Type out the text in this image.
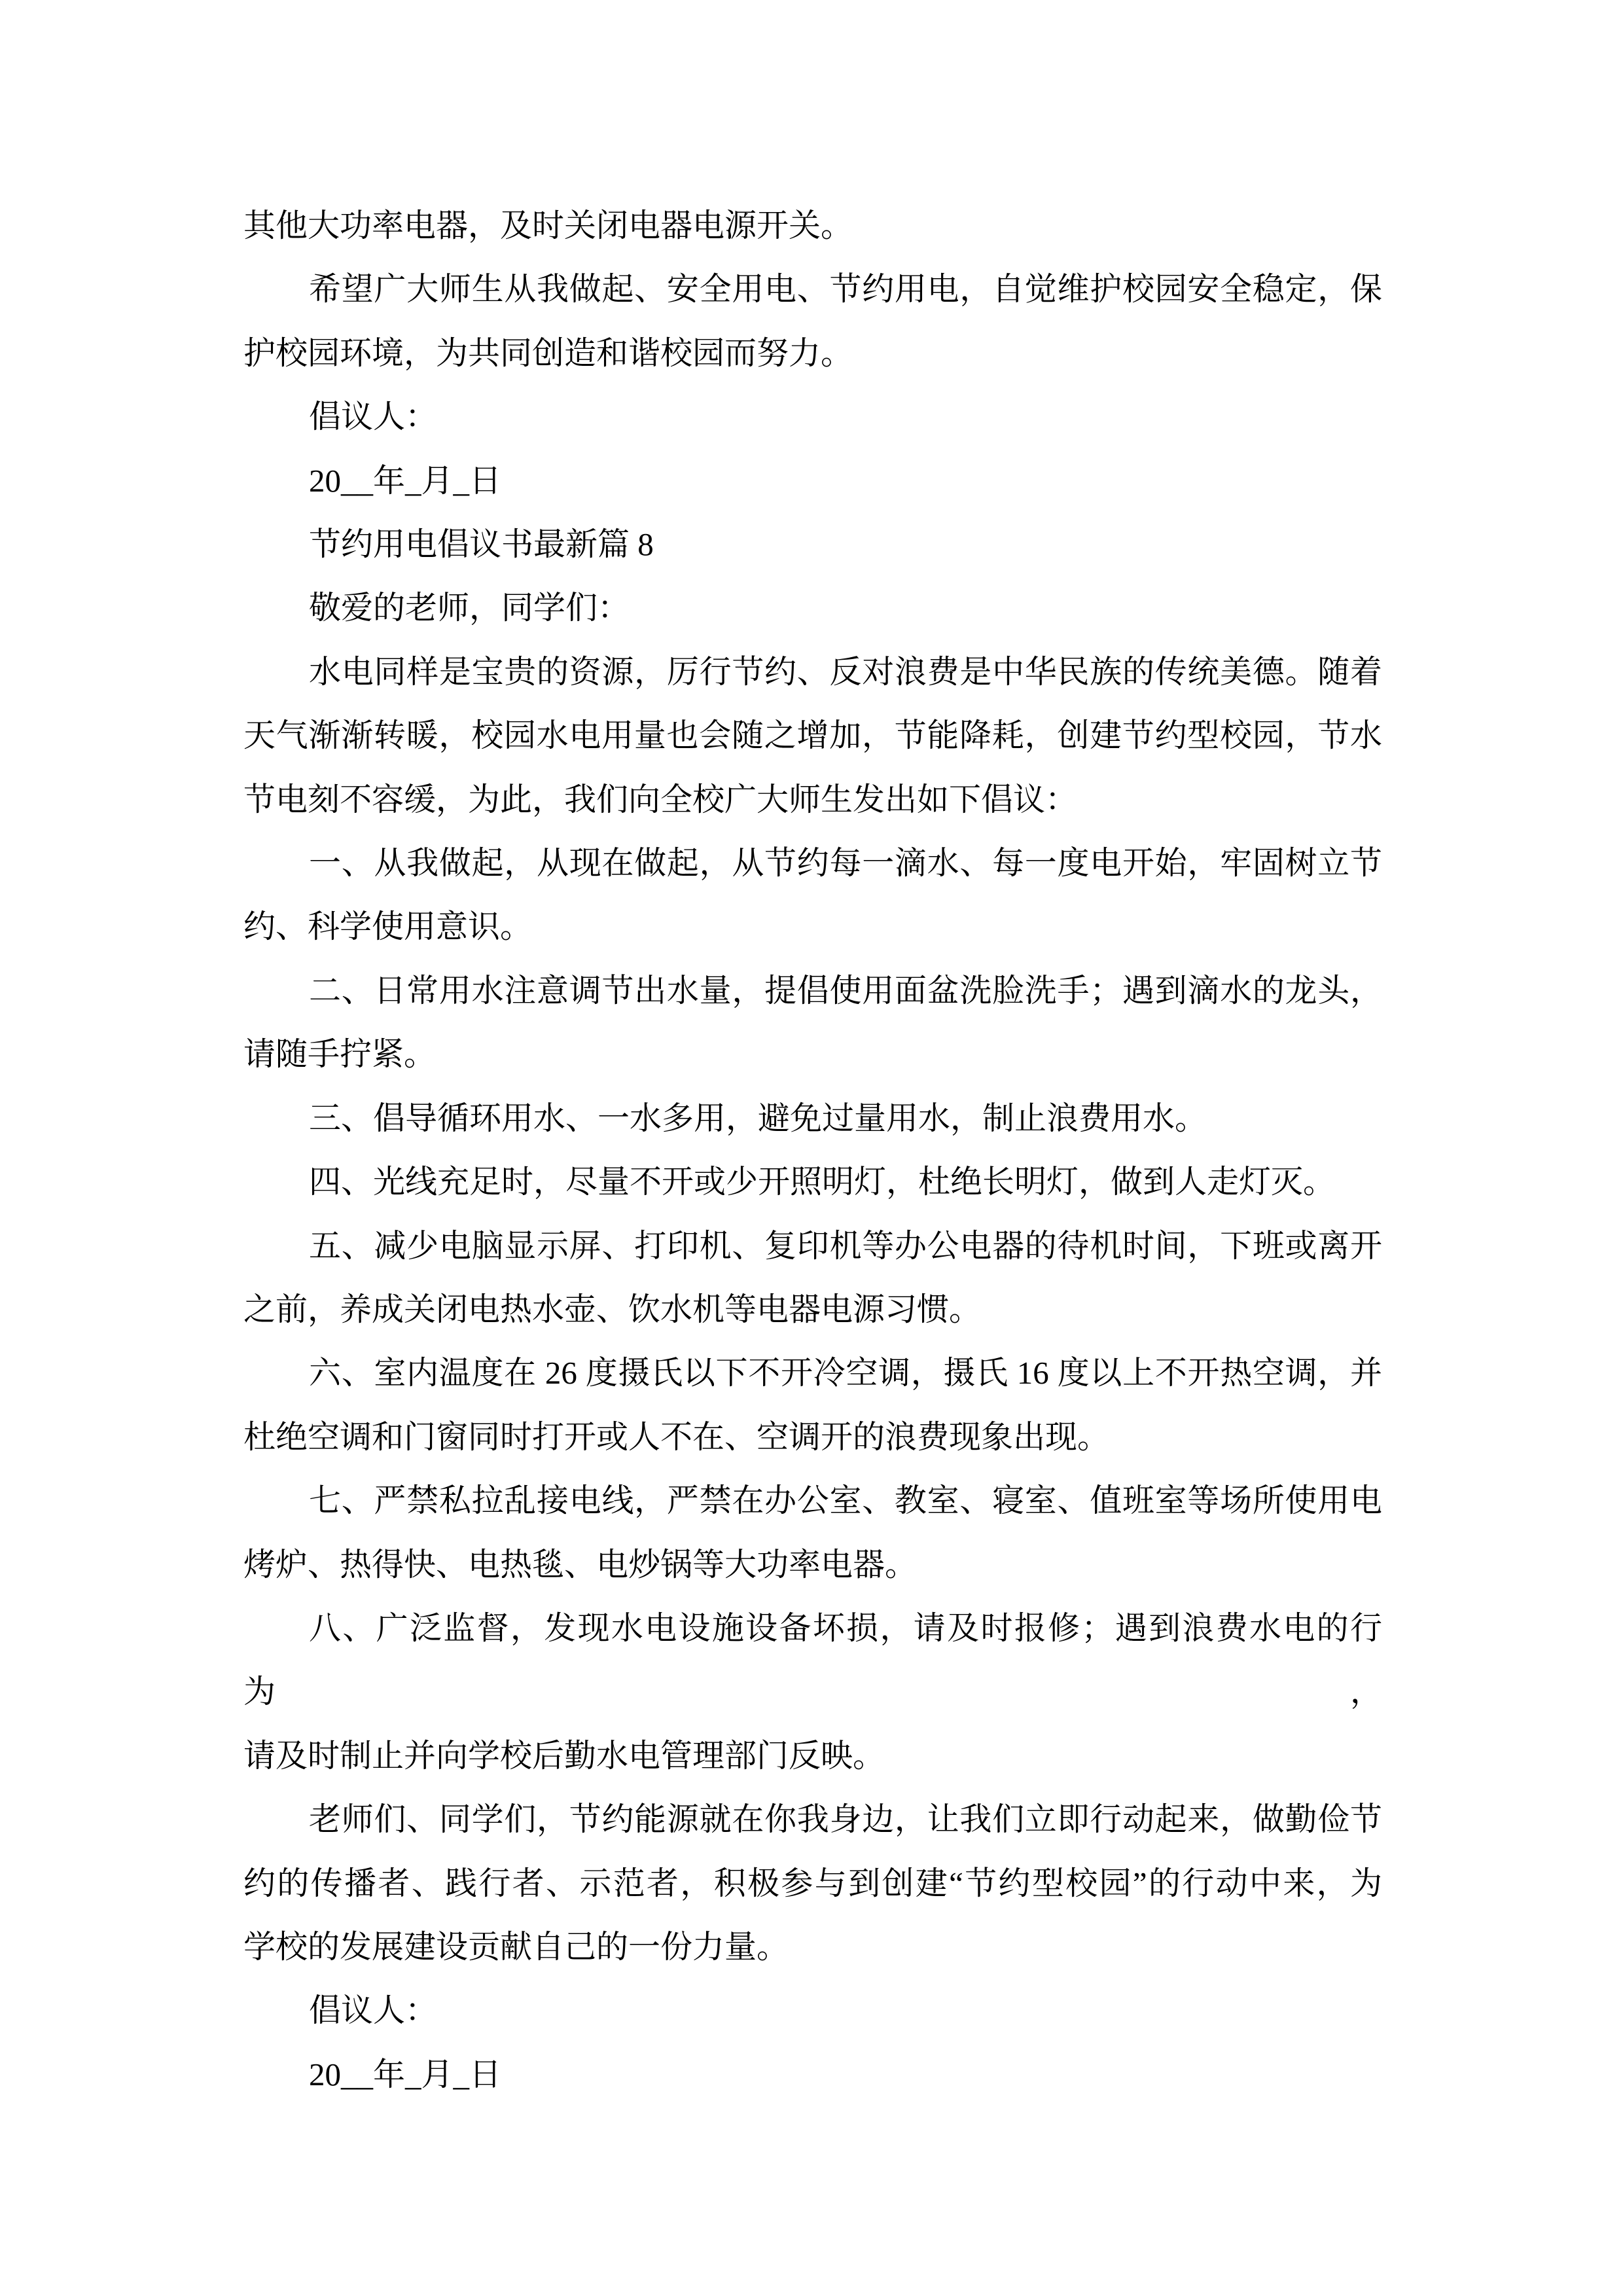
其他大功率电器，及时关闭电器电源开关。
希望广大师生从我做起、安全用电、节约用电，自觉维护校园安全稳定，保
护校园环境，为共同创造和谐校园而努力。
倡议人：
20__年_月_日
节约用电倡议书最新篇 8
敬爱的老师，同学们：
水电同样是宝贵的资源，厉行节约、反对浪费是中华民族的传统美德。随着
天气渐渐转暖，校园水电用量也会随之增加，节能降耗，创建节约型校园，节水
节电刻不容缓，为此，我们向全校广大师生发出如下倡议：
一、从我做起，从现在做起，从节约每一滴水、每一度电开始，牢固树立节
约、科学使用意识。
二、日常用水注意调节出水量，提倡使用面盆洗脸洗手；遇到滴水的龙头，
请随手拧紧。
三、倡导循环用水、一水多用，避免过量用水，制止浪费用水。
四、光线充足时，尽量不开或少开照明灯，杜绝长明灯，做到人走灯灭。
五、减少电脑显示屏、打印机、复印机等办公电器的待机时间，下班或离开
之前，养成关闭电热水壶、饮水机等电器电源习惯。
六、室内温度在 26 度摄氏以下不开冷空调，摄氏 16 度以上不开热空调，并
杜绝空调和门窗同时打开或人不在、空调开的浪费现象出现。
七、严禁私拉乱接电线，严禁在办公室、教室、寝室、值班室等场所使用电
烤炉、热得快、电热毯、电炒锅等大功率电器。
八、广泛监督，发现水电设施设备坏损，请及时报修；遇到浪费水电的行为，
请及时制止并向学校后勤水电管理部门反映。
老师们、同学们，节约能源就在你我身边，让我们立即行动起来，做勤俭节
约的传播者、践行者、示范者，积极参与到创建“节约型校园”的行动中来，为
学校的发展建设贡献自己的一份力量。
倡议人：
20__年_月_日
